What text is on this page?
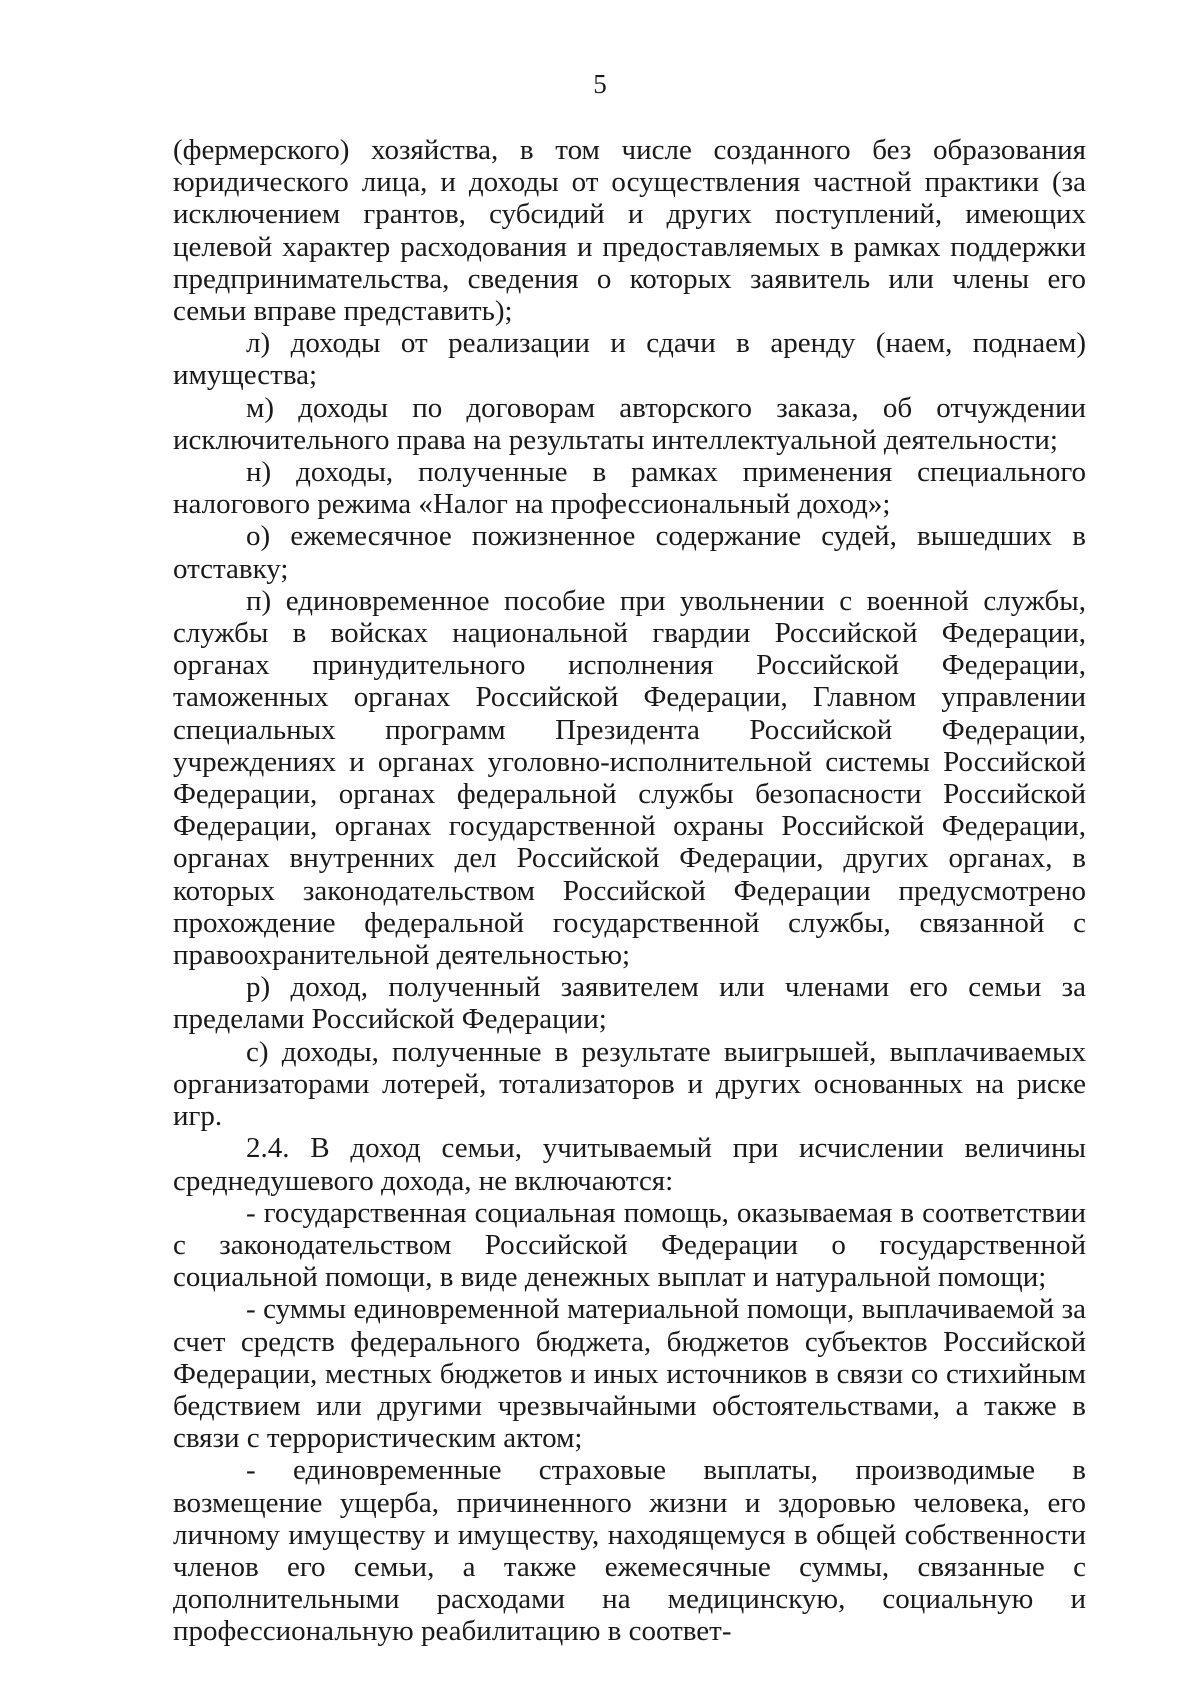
5

(фермерского) хозяйства, в том числе созданного без образования юридического лица, и доходы от осуществления частной практики (за исключением грантов, субсидий и других поступлений, имеющих целевой характер расходования и предоставляемых в рамках поддержки предпринимательства, сведения о которых заявитель или члены его семьи вправе представить);

л) доходы от реализации и сдачи в аренду (наем, поднаем) имущества;

м) доходы по договорам авторского заказа, об отчуждении исключительного права на результаты интеллектуальной деятельности;

н) доходы, полученные в рамках применения специального налогового режима «Налог на профессиональный доход»;

о) ежемесячное пожизненное содержание судей, вышедших в отставку;

п) единовременное пособие при увольнении с военной службы, службы в войсках национальной гвардии Российской Федерации, органах принудительного исполнения Российской Федерации, таможенных органах Российской Федерации, Главном управлении специальных программ Президента Российской Федерации, учреждениях и органах уголовно-исполнительной системы Российской Федерации, органах федеральной службы безопасности Российской Федерации, органах государственной охраны Российской Федерации, органах внутренних дел Российской Федерации, других органах, в которых законодательством Российской Федерации предусмотрено прохождение федеральной государственной службы, связанной с правоохранительной деятельностью;

р) доход, полученный заявителем или членами его семьи за пределами Российской Федерации;

с) доходы, полученные в результате выигрышей, выплачиваемых организаторами лотерей, тотализаторов и других основанных на риске игр.

2.4. В доход семьи, учитываемый при исчислении величины среднедушевого дохода, не включаются:

- государственная социальная помощь, оказываемая в соответствии с законодательством Российской Федерации о государственной социальной помощи, в виде денежных выплат и натуральной помощи;

- суммы единовременной материальной помощи, выплачиваемой за счет средств федерального бюджета, бюджетов субъектов Российской Федерации, местных бюджетов и иных источников в связи со стихийным бедствием или другими чрезвычайными обстоятельствами, а также в связи с террористическим актом;

- единовременные страховые выплаты, производимые в возмещение ущерба, причиненного жизни и здоровью человека, его личному имуществу и имуществу, находящемуся в общей собственности членов его семьи, а также ежемесячные суммы, связанные с дополнительными расходами на медицинскую, социальную и профессиональную реабилитацию в соответ-
